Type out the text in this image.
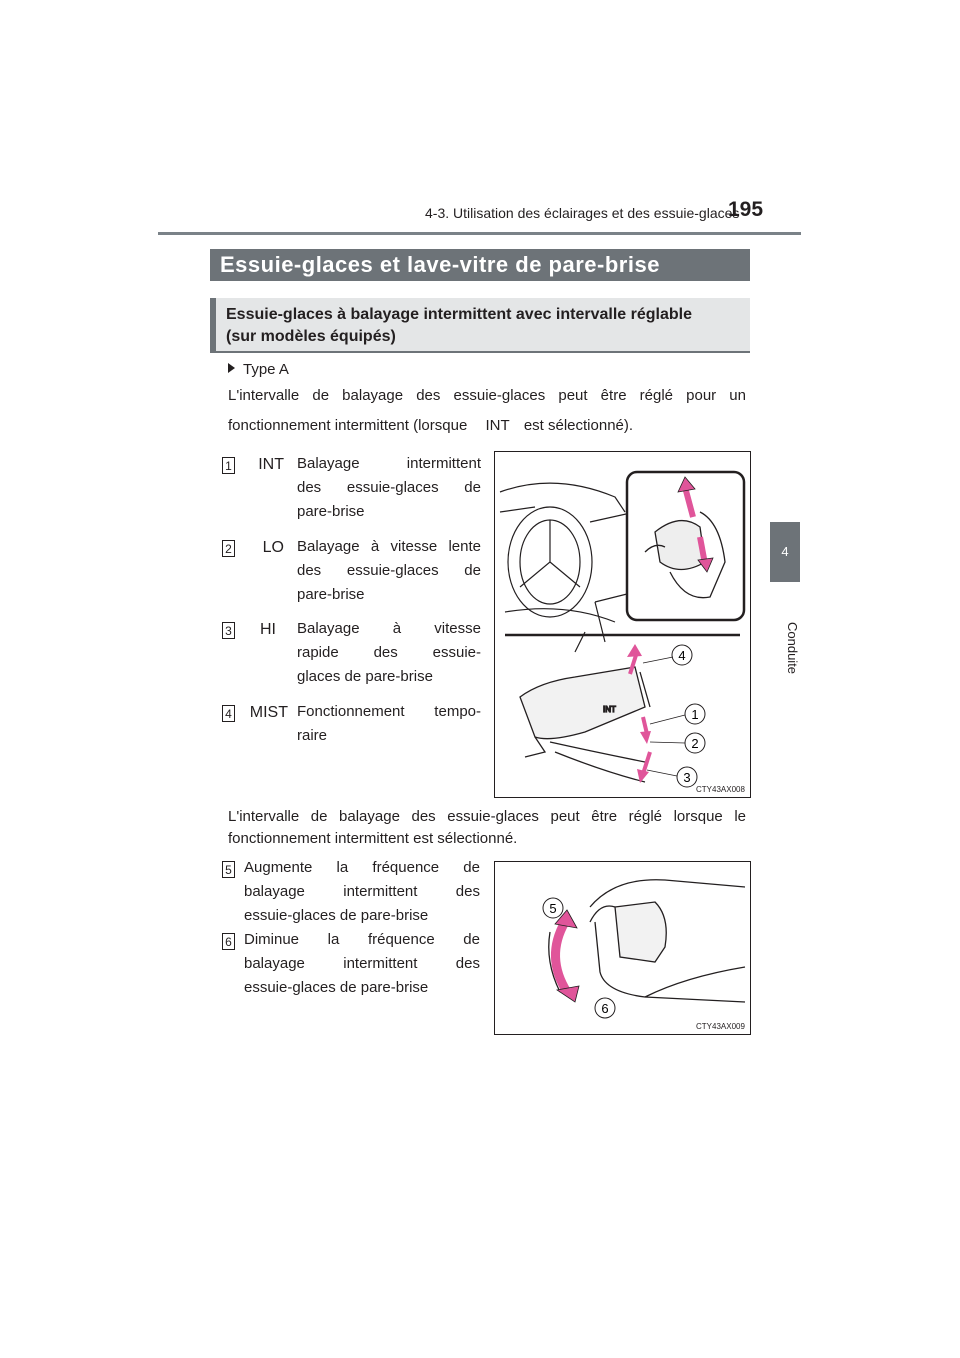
4-3. Utilisation des éclairages et des essuie-glaces
195
4
Conduite
Essuie-glaces et lave-vitre de pare-brise
Essuie-glaces à balayage intermittent avec intervalle réglable
(sur modèles équipés)
Type A
L'intervalle de balayage des essuie-glaces peut être réglé pour un
fonctionnement intermittent (lorsque INT est sélectionné).
1	INT Balayage intermittent
des essuie-glaces de
pare-brise
2	LO Balayage à vitesse lente
des essuie-glaces de
pare-brise
3	HI Balayage à vitesse
rapide des essuie-
glaces de pare-brise
4	MIST Fonctionnement tempo-
raire
INT
4
1
2
3
CTY43AX008
L'intervalle de balayage des essuie-glaces peut être réglé lorsque le
fonctionnement intermittent est sélectionné.
5 Augmente la fréquence de
balayage intermittent des
essuie-glaces de pare-brise
6 Diminue la fréquence de
balayage intermittent des
essuie-glaces de pare-brise
5
6
CTY43AX009
